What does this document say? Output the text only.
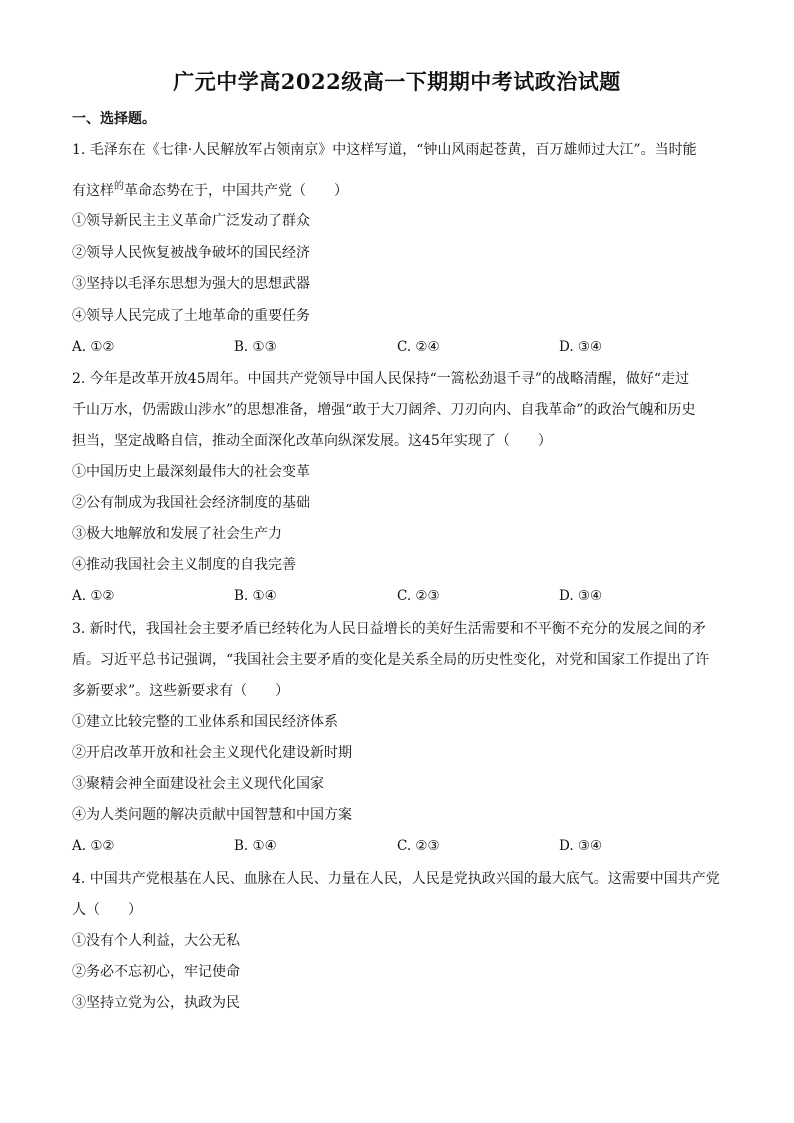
广元中学高2022级高一下期期中考试政治试题
一、选择题。
1. 毛泽东在《七律·人民解放军占领南京》中这样写道，“钟山风雨起苍黄，百万雄师过大江”。当时能
有这样$^的$革命态势在于，中国共产党（　　）
①领导新民主主义革命广泛发动了群众
②领导人民恢复被战争破坏的国民经济
③坚持以毛泽东思想为强大的思想武器
④领导人民完成了土地革命的重要任务
A. ①②	B. ①③	C. ②④	D. ③④
2. 今年是改革开放45周年。中国共产党领导中国人民保持“一篙松劲退千寻”的战略清醒，做好“走过
千山万水，仍需跋山涉水”的思想准备，增强“敢于大刀阔斧、刀刃向内、自我革命”的政治气魄和历史
担当，坚定战略自信，推动全面深化改革向纵深发展。这45年实现了（　　）
①中国历史上最深刻最伟大的社会变革
②公有制成为我国社会经济制度的基础
③极大地解放和发展了社会生产力
④推动我国社会主义制度的自我完善
A. ①②	B. ①④	C. ②③	D. ③④
3. 新时代，我国社会主要矛盾已经转化为人民日益增长的美好生活需要和不平衡不充分的发展之间的矛
盾。习近平总书记强调，“我国社会主要矛盾的变化是关系全局的历史性变化，对党和国家工作提出了许
多新要求”。这些新要求有（　　）
①建立比较完整的工业体系和国民经济体系
②开启改革开放和社会主义现代化建设新时期
③聚精会神全面建设社会主义现代化国家
④为人类问题的解决贡献中国智慧和中国方案
A. ①②	B. ①④	C. ②③	D. ③④
4. 中国共产党根基在人民、血脉在人民、力量在人民，人民是党执政兴国的最大底气。这需要中国共产党
人（　　）
①没有个人利益，大公无私
②务必不忘初心，牢记使命
③坚持立党为公，执政为民
